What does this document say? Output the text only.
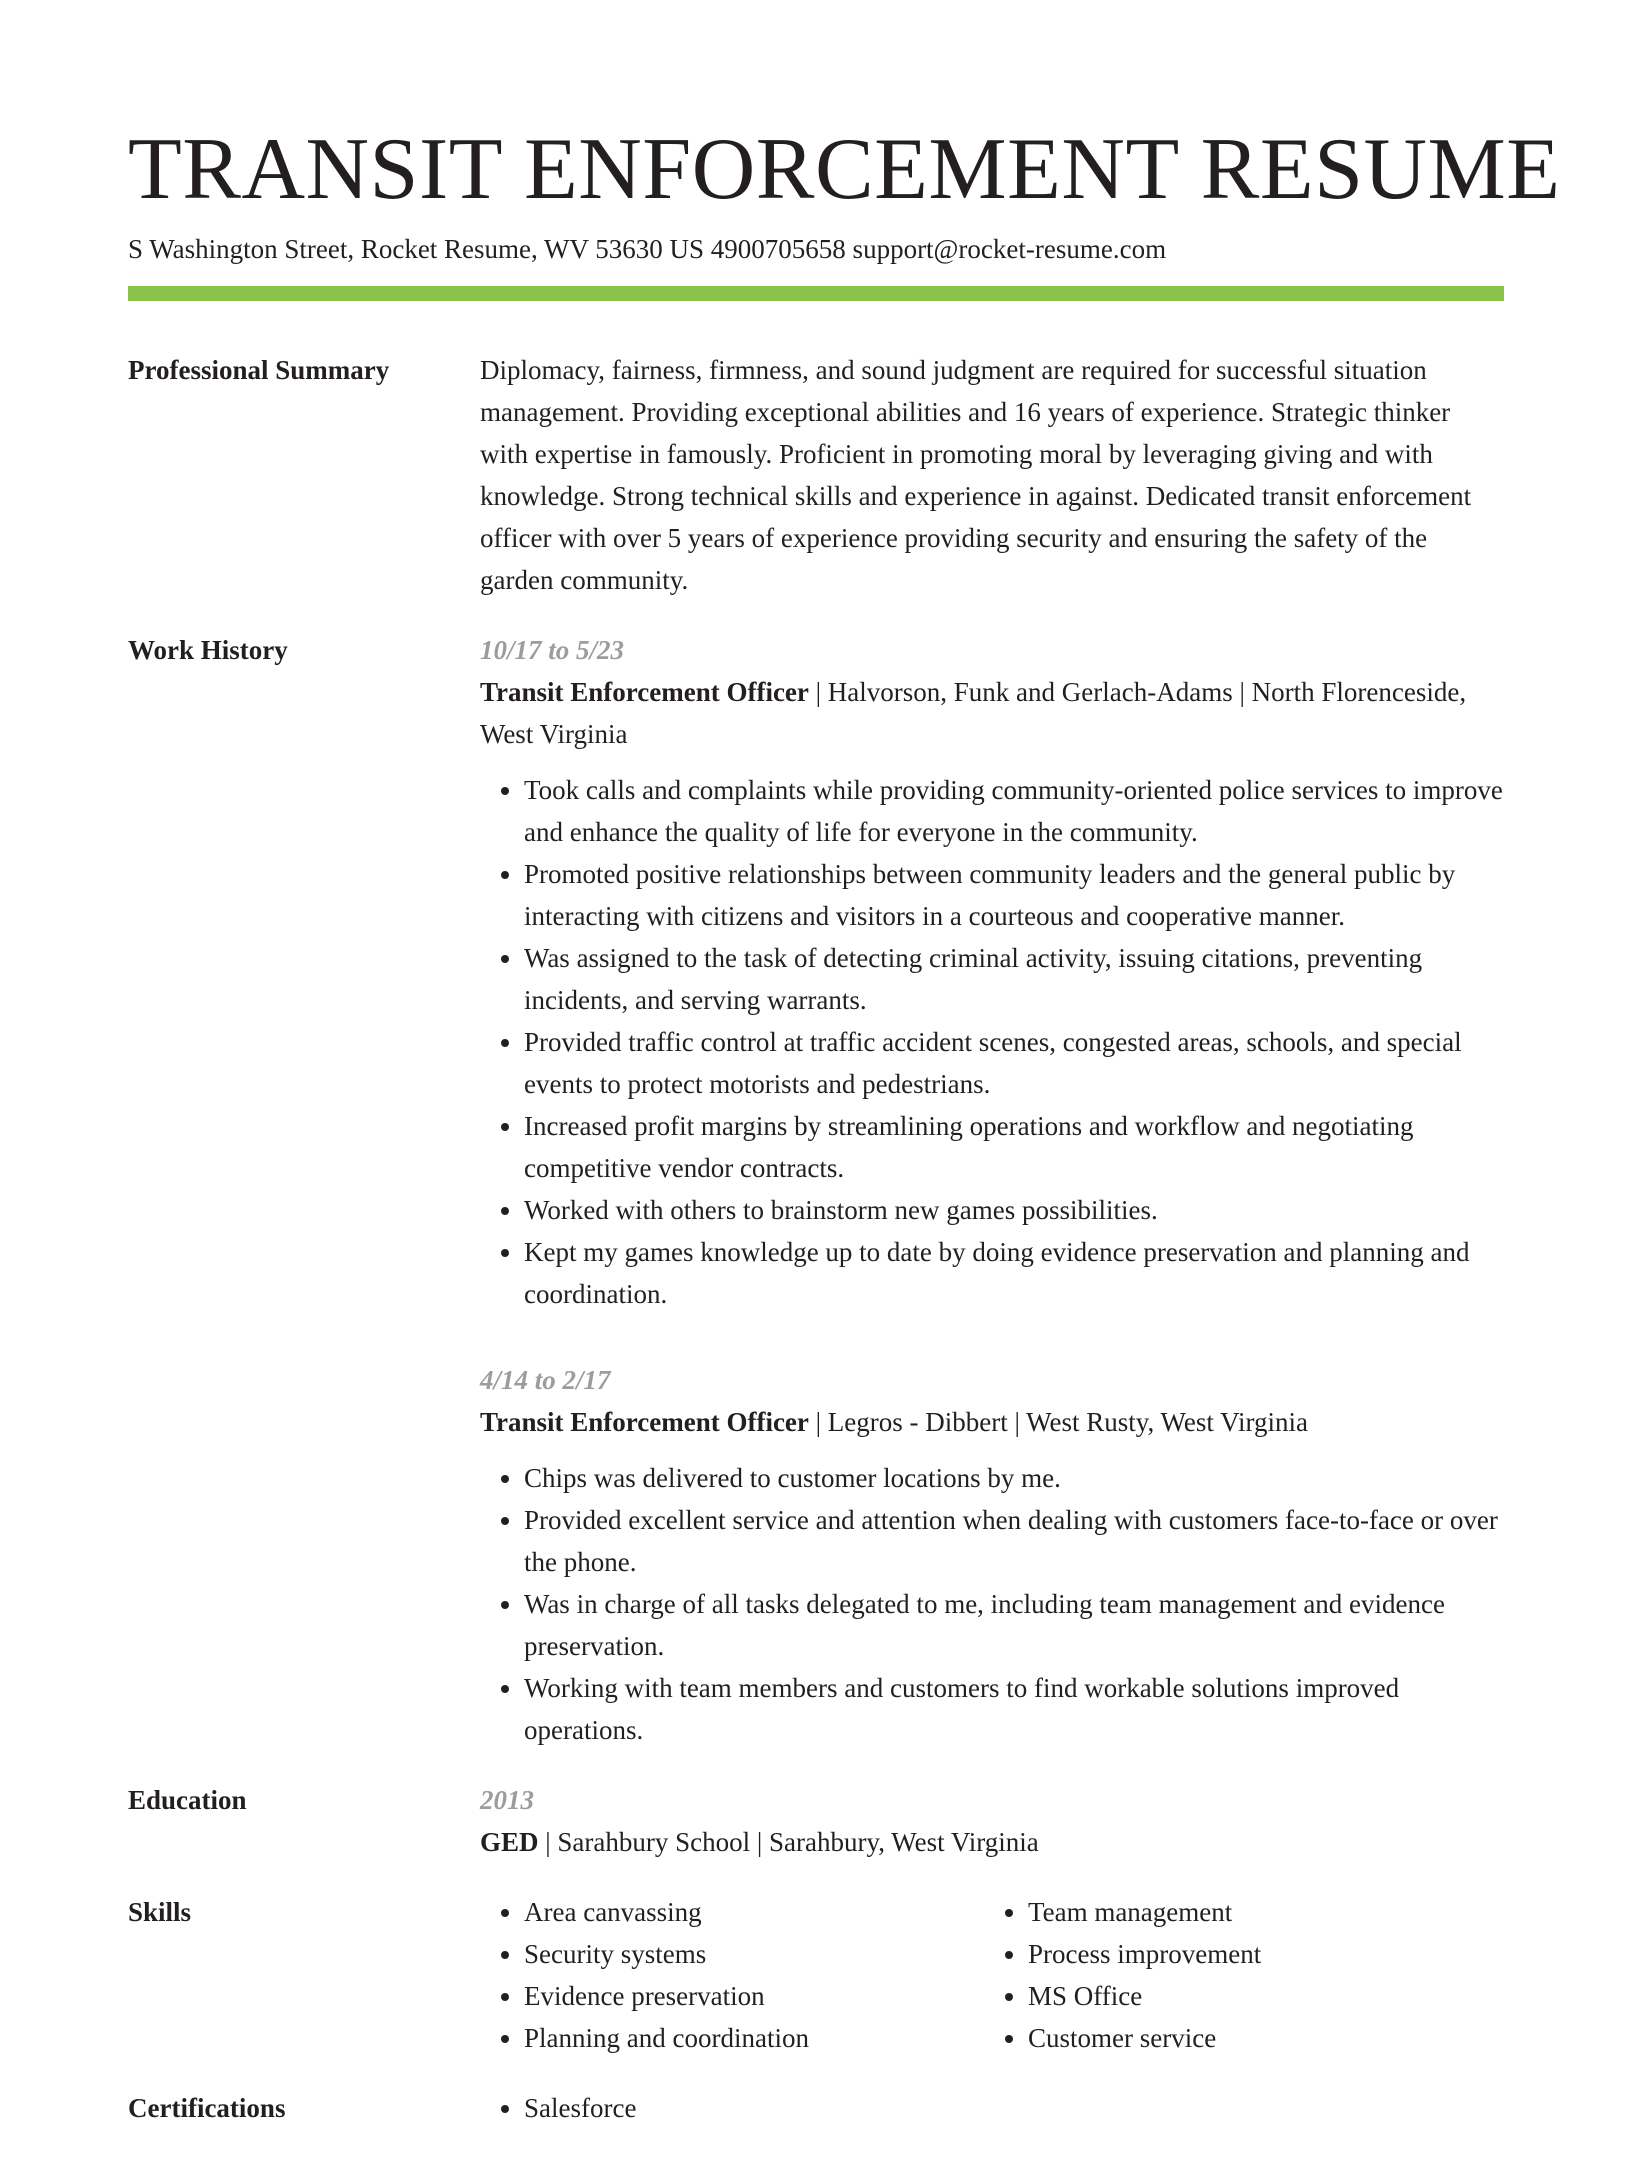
TRANSIT ENFORCEMENT RESUME
S Washington Street, Rocket Resume, WV 53630 US 4900705658 support@rocket-resume.com
Professional Summary	Diplomacy, fairness, firmness, and sound judgment are required for successful situation management. Providing exceptional abilities and 16 years of experience. Strategic thinker with expertise in famously. Proficient in promoting moral by leveraging giving and with knowledge. Strong technical skills and experience in against. Dedicated transit enforcement officer with over 5 years of experience providing security and ensuring the safety of the garden community.

Work History	10/17 to 5/23
Transit Enforcement Officer | Halvorson, Funk and Gerlach-Adams | North Florenceside, West Virginia
• Took calls and complaints while providing community-oriented police services to improve and enhance the quality of life for everyone in the community.
• Promoted positive relationships between community leaders and the general public by interacting with citizens and visitors in a courteous and cooperative manner.
• Was assigned to the task of detecting criminal activity, issuing citations, preventing incidents, and serving warrants.
• Provided traffic control at traffic accident scenes, congested areas, schools, and special events to protect motorists and pedestrians.
• Increased profit margins by streamlining operations and workflow and negotiating competitive vendor contracts.
• Worked with others to brainstorm new games possibilities.
• Kept my games knowledge up to date by doing evidence preservation and planning and coordination.
4/14 to 2/17
Transit Enforcement Officer | Legros - Dibbert | West Rusty, West Virginia
• Chips was delivered to customer locations by me.
• Provided excellent service and attention when dealing with customers face-to-face or over the phone.
• Was in charge of all tasks delegated to me, including team management and evidence preservation.
• Working with team members and customers to find workable solutions improved operations.
Education	2013
GED | Sarahbury School | Sarahbury, West Virginia
Skills	• Area canvassing
• Security systems
• Evidence preservation
• Planning and coordination
• Team management
• Process improvement
• MS Office
• Customer service
Certifications	• Salesforce
